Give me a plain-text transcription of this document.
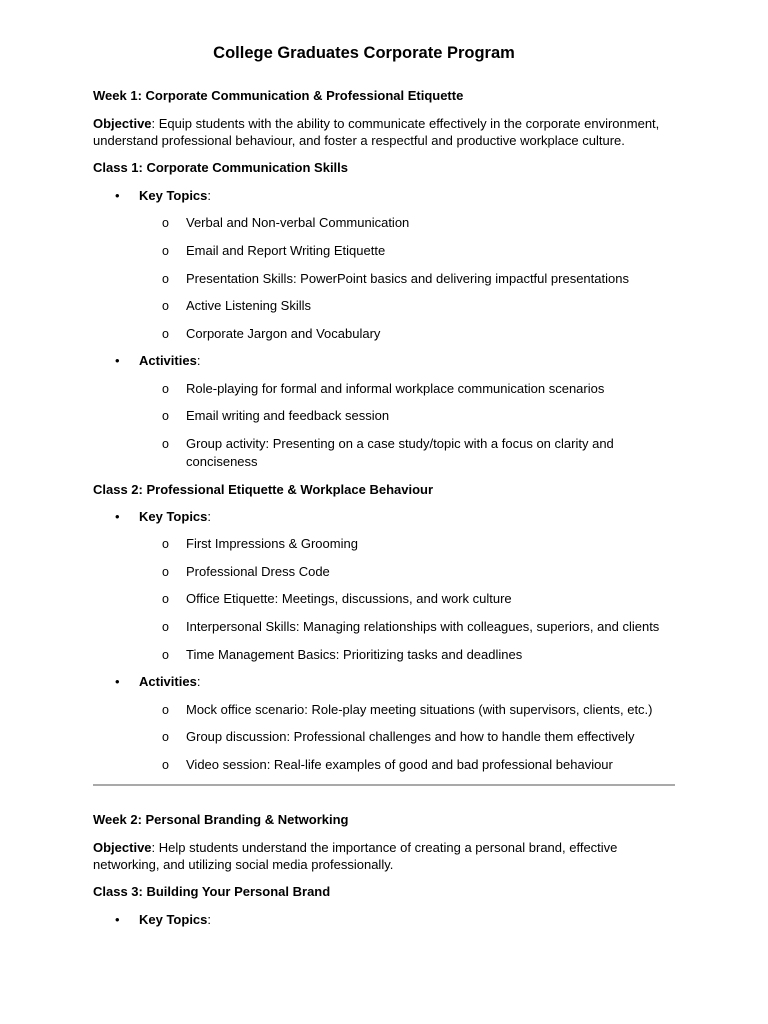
College Graduates Corporate Program
Week 1: Corporate Communication & Professional Etiquette
Objective: Equip students with the ability to communicate effectively in the corporate environment,
understand professional behaviour, and foster a respectful and productive workplace culture.
Class 1: Corporate Communication Skills
• Key Topics:
o Verbal and Non-verbal Communication
o Email and Report Writing Etiquette
o Presentation Skills: PowerPoint basics and delivering impactful presentations
o Active Listening Skills
o Corporate Jargon and Vocabulary
• Activities:
o Role-playing for formal and informal workplace communication scenarios
o Email writing and feedback session
o Group activity: Presenting on a case study/topic with a focus on clarity and
conciseness
Class 2: Professional Etiquette & Workplace Behaviour
• Key Topics:
o First Impressions & Grooming
o Professional Dress Code
o Office Etiquette: Meetings, discussions, and work culture
o Interpersonal Skills: Managing relationships with colleagues, superiors, and clients
o Time Management Basics: Prioritizing tasks and deadlines
• Activities:
o Mock office scenario: Role-play meeting situations (with supervisors, clients, etc.)
o Group discussion: Professional challenges and how to handle them effectively
o Video session: Real-life examples of good and bad professional behaviour
Week 2: Personal Branding & Networking
Objective: Help students understand the importance of creating a personal brand, effective
networking, and utilizing social media professionally.
Class 3: Building Your Personal Brand
• Key Topics:
